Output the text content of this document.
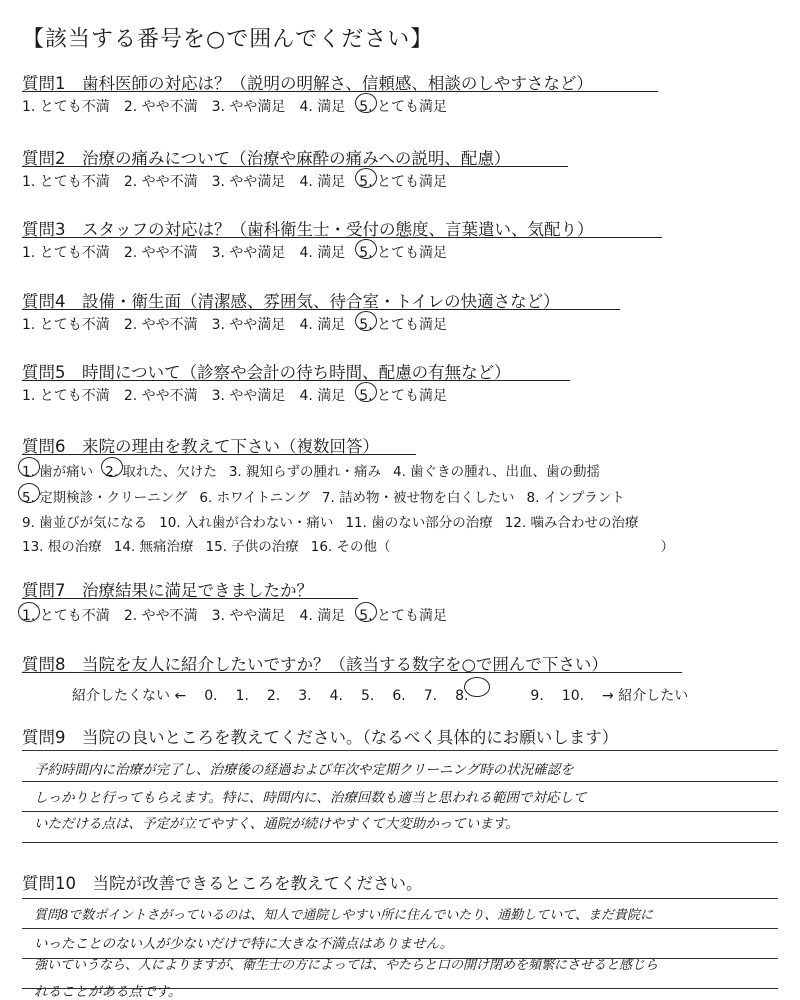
【該当する番号を○で囲んでください】
質問1　歯科医師の対応は？（説明の明解さ、信頼感、相談のしやすさなど）
1. とても不満 2. やや不満 3. やや満足 4. 満足 5. とても満足
質問2　治療の痛みについて（治療や麻酔の痛みへの説明、配慮）
1. とても不満 2. やや不満 3. やや満足 4. 満足 5. とても満足
質問3　スタッフの対応は？（歯科衛生士・受付の態度、言葉遣い、気配り）
1. とても不満 2. やや不満 3. やや満足 4. 満足 5. とても満足
質問4　設備・衛生面（清潔感、雰囲気、待合室・トイレの快適さなど）
1. とても不満 2. やや不満 3. やや満足 4. 満足 5. とても満足
質問5　時間について（診察や会計の待ち時間、配慮の有無など）
1. とても不満 2. やや不満 3. やや満足 4. 満足 5. とても満足
質問6　来院の理由を教えて下さい（複数回答）
1. 歯が痛い 2. 取れた、欠けた 3. 親知らずの腫れ・痛み 4. 歯ぐきの腫れ、出血、歯の動揺
5. 定期検診・クリーニング 6. ホワイトニング 7. 詰め物・被せ物を白くしたい 8. インプラント
9. 歯並びが気になる 10. 入れ歯が合わない・痛い 11. 歯のない部分の治療 12. 噛み合わせの治療
13. 根の治療 14. 無痛治療 15. 子供の治療 16. その他（	）
質問7　治療結果に満足できましたか？
1. とても不満 2. やや不満 3. やや満足 4. 満足 5. とても満足
質問8　当院を友人に紹介したいですか？（該当する数字を○で囲んで下さい）
紹介したくない ← 0. 1. 2. 3. 4. 5. 6. 7. 8.	9. 10. → 紹介したい
質問9　当院の良いところを教えてください。（なるべく具体的にお願いします）
予約時間内に治療が完了し、治療後の経過および年次や定期クリーニング時の状況確認を
しっかりと行ってもらえます。特に、時間内に、治療回数も適当と思われる範囲で対応して
いただける点は、予定が立てやすく、通院が続けやすくて大変助かっています。
質問10　当院が改善できるところを教えてください。
質問8で数ポイントさがっているのは、知人で通院しやすい所に住んでいたり、通勤していて、まだ貴院に
いったことのない人が少ないだけで特に大きな不満点はありません。
強いていうなら、人によりますが、衛生士の方によっては、やたらと口の開け閉めを頻繁にさせると感じら
れることがある点です。
